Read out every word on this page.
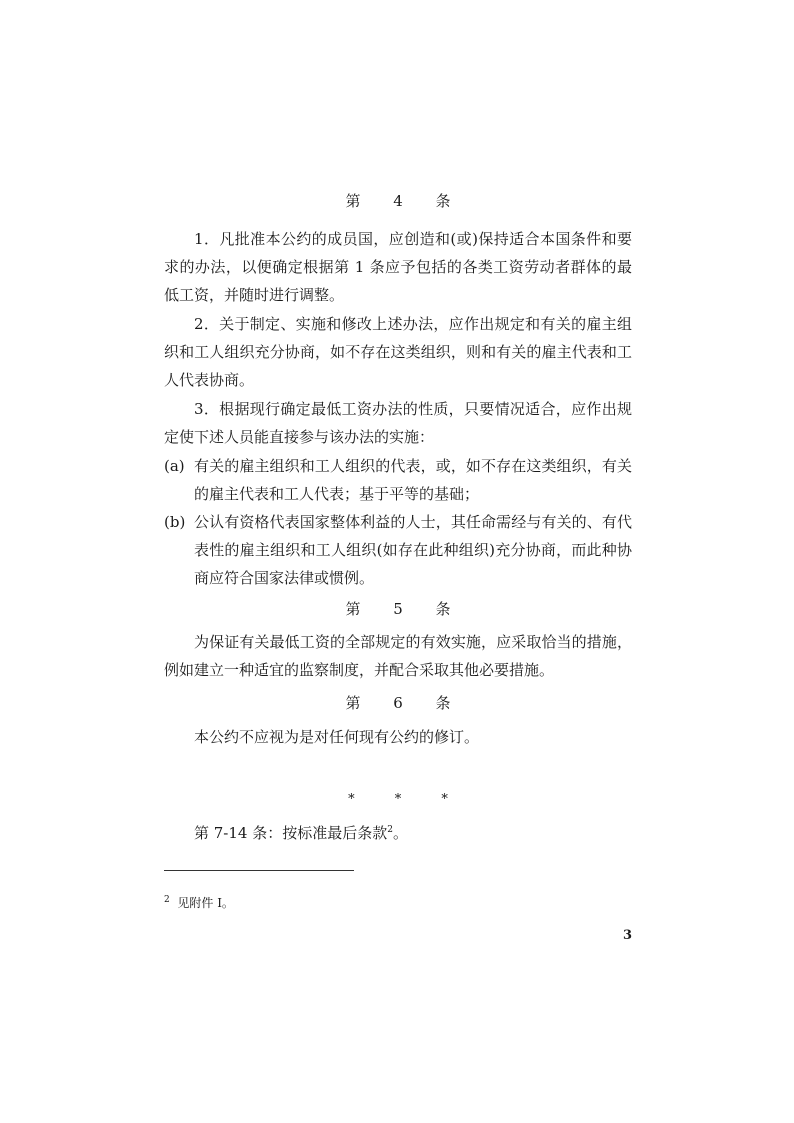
第 4 条
1．凡批准本公约的成员国，应创造和(或)保持适合本国条件和要求的办法，以便确定根据第 1 条应予包括的各类工资劳动者群体的最低工资，并随时进行调整。
2．关于制定、实施和修改上述办法，应作出规定和有关的雇主组织和工人组织充分协商，如不存在这类组织，则和有关的雇主代表和工人代表协商。
3．根据现行确定最低工资办法的性质，只要情况适合，应作出规定使下述人员能直接参与该办法的实施：
(a) 有关的雇主组织和工人组织的代表，或，如不存在这类组织，有关的雇主代表和工人代表；基于平等的基础；
(b) 公认有资格代表国家整体利益的人士，其任命需经与有关的、有代表性的雇主组织和工人组织(如存在此种组织)充分协商，而此种协商应符合国家法律或惯例。
第 5 条
为保证有关最低工资的全部规定的有效实施，应采取恰当的措施，例如建立一种适宜的监察制度，并配合采取其他必要措施。
第 6 条
本公约不应视为是对任何现有公约的修订。
* * *
第 7-14 条：按标准最后条款$^2$。
$^2$ 见附件 I。
3
